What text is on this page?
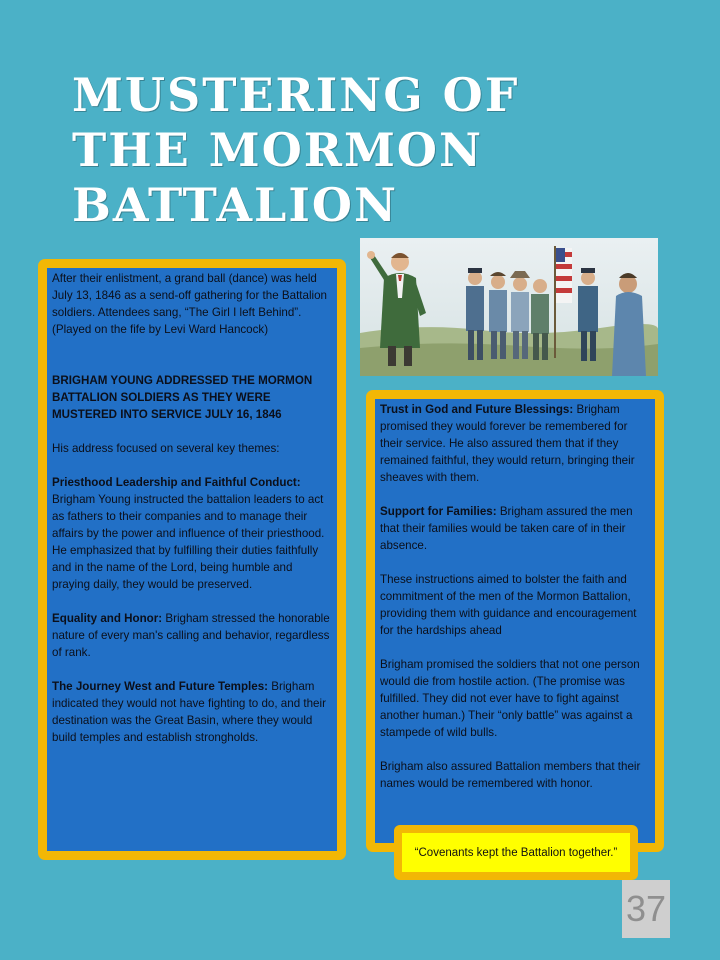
MUSTERING OF THE MORMON BATTALION

After their enlistment, a grand ball (dance) was held July 13, 1846 as a send-off gathering for the Battalion soldiers. Attendees sang, “The Girl I left Behind”. (Played on the fife by Levi Ward Hancock)

BRIGHAM YOUNG ADDRESSED THE MORMON BATTALION SOLDIERS AS THEY WERE MUSTERED INTO SERVICE JULY 16, 1846

His address focused on several key themes:

Priesthood Leadership and Faithful Conduct: Brigham Young instructed the battalion leaders to act as fathers to their companies and to manage their affairs by the power and influence of their priesthood. He emphasized that by fulfilling their duties faithfully and in the name of the Lord, being humble and praying daily, they would be preserved.

Equality and Honor: Brigham stressed the honorable nature of every man's calling and behavior, regardless of rank.

The Journey West and Future Temples: Brigham indicated they would not have fighting to do, and their destination was the Great Basin, where they would build temples and establish strongholds.

Trust in God and Future Blessings: Brigham promised they would forever be remembered for their service. He also assured them that if they remained faithful, they would return, bringing their sheaves with them.

Support for Families: Brigham assured the men that their families would be taken care of in their absence.

These instructions aimed to bolster the faith and commitment of the men of the Mormon Battalion, providing them with guidance and encouragement for the hardships ahead

Brigham promised the soldiers that not one person would die from hostile action. (The promise was fulfilled. They did not ever have to fight against another human.) Their “only battle” was against a stampede of wild bulls.

Brigham also assured Battalion members that their names would be remembered with honor.

“Covenants kept the Battalion together.”
37
